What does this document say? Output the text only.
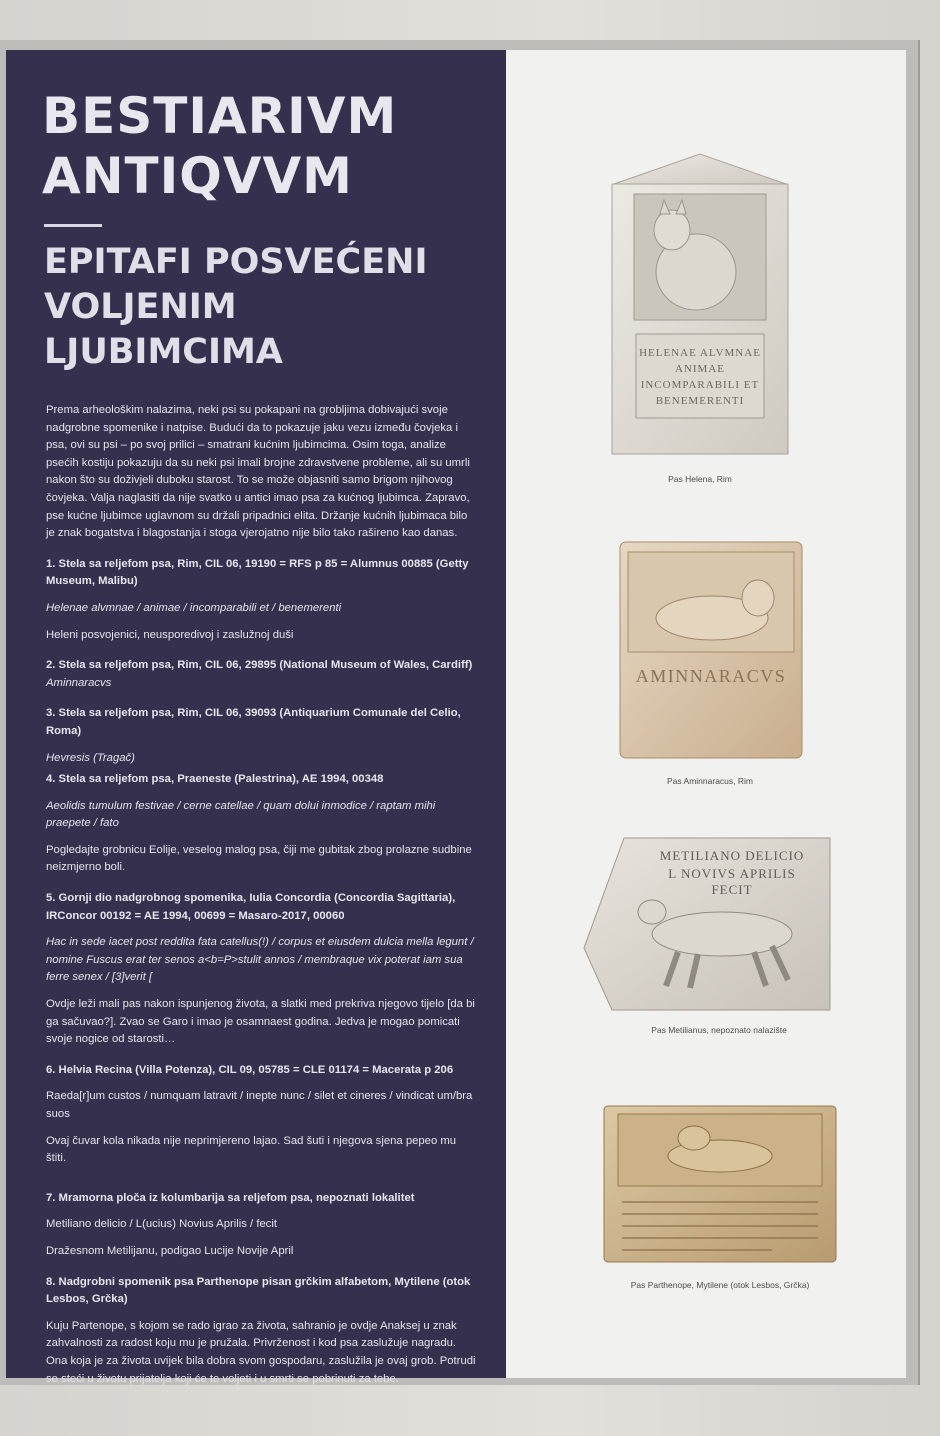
BESTIARIVM
ANTIQVVM
EPITAFI POSVEĆENI
VOLJENIM
LJUBIMCIMA

Prema arheološkim nalazima, neki psi su pokapani na grobljima dobivajući svoje nadgrobne spomenike i natpise. Budući da to pokazuje jaku vezu između čovjeka i psa, ovi su psi – po svoj prilici – smatrani kućnim ljubimcima. Osim toga, analize psećih kostiju pokazuju da su neki psi imali brojne zdravstvene probleme, ali su umrli nakon što su doživjeli duboku starost. To se može objasniti samo brigom njihovog čovjeka. Valja naglasiti da nije svatko u antici imao psa za kućnog ljubimca. Zapravo, pse kućne ljubimce uglavnom su držali pripadnici elita. Držanje kućnih ljubimaca bilo je znak bogatstva i blagostanja i stoga vjerojatno nije bilo tako rašireno kao danas.

1. Stela sa reljefom psa, Rim, CIL 06, 19190 = RFS p 85 = Alumnus 00885 (Getty Museum, Malibu)

Helenae alvmnae / animae / incomparabili et / benemerenti

Heleni posvojenici, neusporedivoj i zaslužnoj duši

2. Stela sa reljefom psa, Rim, CIL 06, 29895 (National Museum of Wales, Cardiff)

Aminnaracvs

3. Stela sa reljefom psa, Rim, CIL 06, 39093 (Antiquarium Comunale del Celio, Roma)

Hevresis (Tragač)

4. Stela sa reljefom psa, Praeneste (Palestrina), AE 1994, 00348

Aeolidis tumulum festivae / cerne catellae / quam dolui inmodice / raptam mihi praepete / fato

Pogledajte grobnicu Eolije, veselog malog psa, čiji me gubitak zbog prolazne sudbine neizmjerno boli.

5. Gornji dio nadgrobnog spomenika, Iulia Concordia (Concordia Sagittaria), IRConcor 00192 = AE 1994, 00699 = Masaro-2017, 00060

Hac in sede iacet post reddita fata catellus(!) / corpus et eiusdem dulcia mella legunt / nomine Fuscus erat ter senos a<b=P>stulit annos / membraque vix poterat iam sua ferre senex / [3]verit [

Ovdje leži mali pas nakon ispunjenog života, a slatki med prekriva njegovo tijelo [da bi ga sačuvao?]. Zvao se Garo i imao je osamnaest godina. Jedva je mogao pomicati svoje nogice od starosti…

6. Helvia Recina (Villa Potenza), CIL 09, 05785 = CLE 01174 = Macerata p 206

Raeda[r]um custos / numquam latravit / inepte nunc / silet et cineres / vindicat um/bra suos

Ovaj čuvar kola nikada nije neprimjereno lajao. Sad šuti i njegova sjena pepeo mu štiti.

7. Mramorna ploča iz kolumbarija sa reljefom psa, nepoznati lokalitet

Metiliano delicio / L(ucius) Novius Aprilis / fecit

Dražesnom Metilijanu, podigao Lucije Novije April

8. Nadgrobni spomenik psa Parthenope pisan grčkim alfabetom, Mytilene (otok Lesbos, Grčka)

Kuju Partenope, s kojom se rado igrao za života, sahranio je ovdje Anaksej u znak zahvalnosti za radost koju mu je pružala. Privrženost i kod psa zaslužuje nagradu. Ona koja je za života uvijek bila dobra svom gospodaru, zaslužila je ovaj grob. Potrudi se steći u životu prijatelja koji će te voljeti i u smrti se pobrinuti za tebe.

HELENAE ALVMNAE
ANIMAE
INCOMPARABILI ET
BENEMERENTI
Pas Helena, Rim
AMINNARACVS
Pas Aminnaracus, Rim
METILIANO DELICIO
L NOVIVS APRILIS
FECIT
Pas Metilianus, nepoznato nalazište
Pas Parthenope, Mytilene (otok Lesbos, Grčka)
